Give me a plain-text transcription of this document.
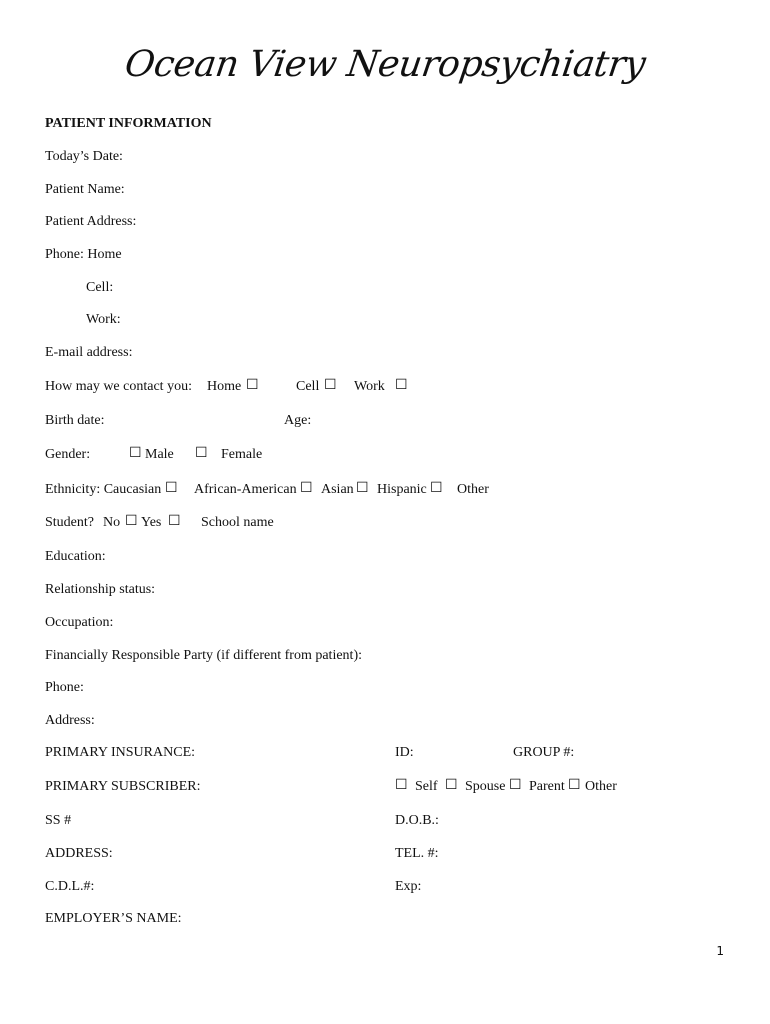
Ocean View Neuropsychiatry
PATIENT INFORMATION
Today’s Date:
Patient Name:
Patient Address:
Phone: Home
Cell:
Work:
E-mail address:
How may we contact you: Home ☐	Cell ☐ Work ☐
Birth date:	Age:
Gender:	☐ Male ☐ Female
Ethnicity: Caucasian ☐ African-American ☐ Asian ☐ Hispanic ☐ Other
Student? No ☐ Yes ☐ School name
Education:
Relationship status:
Occupation:
Financially Responsible Party (if different from patient):
Phone:
Address:
PRIMARY INSURANCE:	ID:	GROUP #:
PRIMARY SUBSCRIBER:	☐ Self ☐ Spouse ☐ Parent ☐ Other
SS #	D.O.B.:
ADDRESS:	TEL. #:
C.D.L.#:	Exp:
EMPLOYER’S NAME:
1
